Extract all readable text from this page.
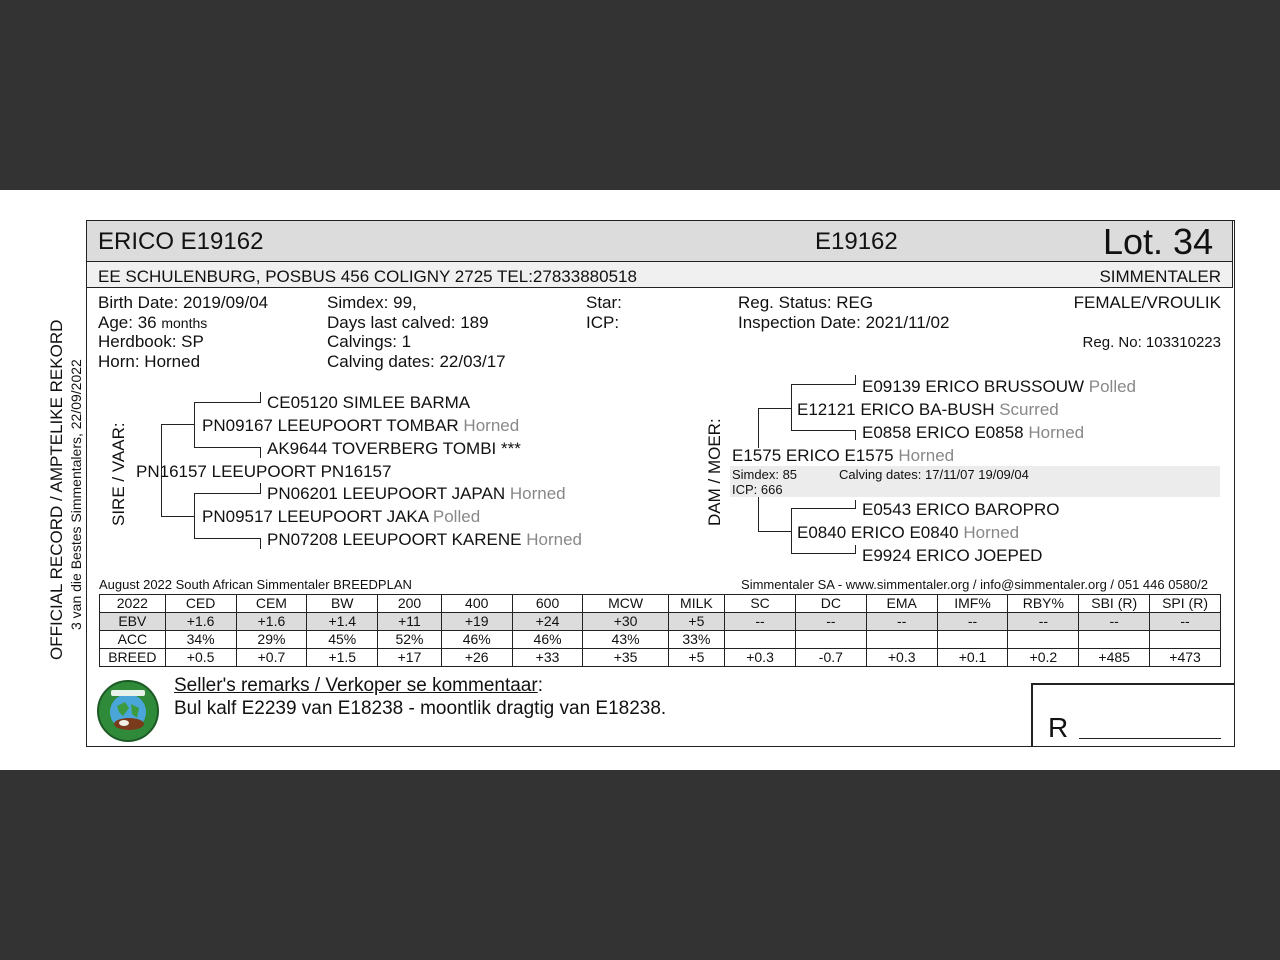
OFFICIAL RECORD / AMPTELIKE REKORD 3 van die Bestes Simmentalers, 22/09/2022
ERICO E19162	E19162	Lot. 34
EE SCHULENBURG, POSBUS 456 COLIGNY 2725 TEL:27833880518	SIMMENTALER
Birth Date: 2019/09/04
Age: 36 months
Herdbook: SP
Horn: Horned
Simdex: 99,
Days last calved: 189
Calvings: 1
Calving dates: 22/03/17
Star:
ICP:
Reg. Status: REG
Inspection Date: 2021/11/02
FEMALE/VROULIK
Reg. No: 103310223
SIRE / VAAR:
CE05120 SIMLEE BARMA
PN09167 LEEUPOORT TOMBAR Horned
AK9644 TOVERBERG TOMBI ***
PN16157 LEEUPOORT PN16157
PN06201 LEEUPOORT JAPAN Horned
PN09517 LEEUPOORT JAKA Polled
PN07208 LEEUPOORT KARENE Horned
DAM / MOER:
E09139 ERICO BRUSSOUW Polled
E12121 ERICO BA-BUSH Scurred
E0858 ERICO E0858 Horned
E1575 ERICO E1575 Horned
Simdex: 85	Calving dates: 17/11/07 19/09/04
ICP: 666
E0543 ERICO BAROPRO
E0840 ERICO E0840 Horned
E9924 ERICO JOEPED
August 2022 South African Simmentaler BREEDPLAN	Simmentaler SA - www.simmentaler.org / info@simmentaler.org / 051 446 0580/2
2022	CED	CEM	BW	200	400	600	MCW	MILK	SC	DC	EMA	IMF%	RBY%	SBI (R)	SPI (R)
EBV	+1.6	+1.6	+1.4	+11	+19	+24	+30	+5	--	--	--	--	--	--	--
ACC	34%	29%	45%	52%	46%	46%	43%	33%							
BREED	+0.5	+0.7	+1.5	+17	+26	+33	+35	+5	+0.3	-0.7	+0.3	+0.1	+0.2	+485	+473
Seller's remarks / Verkoper se kommentaar:
Bul kalf E2239 van E18238 - moontlik dragtig van E18238.
R
